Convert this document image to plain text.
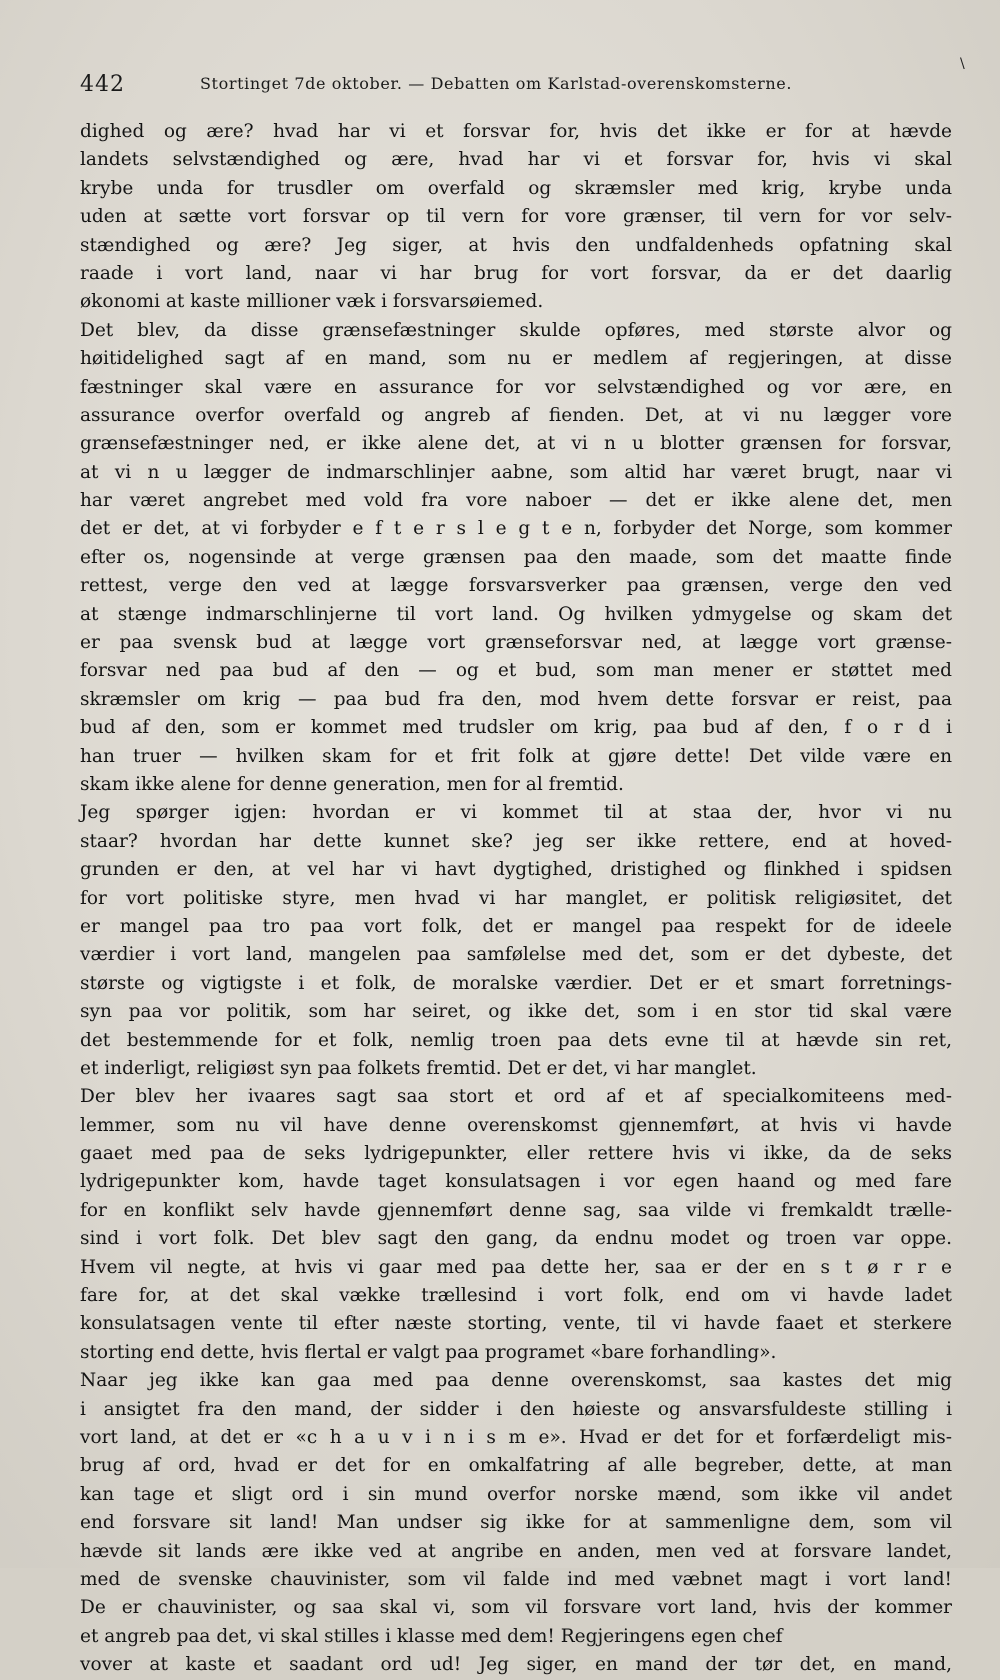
442	Stortinget 7de oktober. — Debatten om Karlstad-overenskomsterne.
\
dighed og ære? hvad har vi et forsvar for, hvis det ikke er for at hævde
landets selvstændighed og ære, hvad har vi et forsvar for, hvis vi skal
krybe unda for trusdler om overfald og skræmsler med krig, krybe unda
uden at sætte vort forsvar op til vern for vore grænser, til vern for vor selv-
stændighed og ære? Jeg siger, at hvis den undfaldenheds opfatning skal
raade i vort land, naar vi har brug for vort forsvar, da er det daarlig
økonomi at kaste millioner væk i forsvarsøiemed.
Det blev, da disse grænsefæstninger skulde opføres, med største alvor og
høitidelighed sagt af en mand, som nu er medlem af regjeringen, at disse
fæstninger skal være en assurance for vor selvstændighed og vor ære, en
assurance overfor overfald og angreb af fienden. Det, at vi nu lægger vore
grænsefæstninger ned, er ikke alene det, at vi n u blotter grænsen for forsvar,
at vi n u lægger de indmarschlinjer aabne, som altid har været brugt, naar vi
har været angrebet med vold fra vore naboer — det er ikke alene det, men
det er det, at vi forbyder e f t e r s l e g t e n, forbyder det Norge, som kommer
efter os, nogensinde at verge grænsen paa den maade, som det maatte finde
rettest, verge den ved at lægge forsvarsverker paa grænsen, verge den ved
at stænge indmarschlinjerne til vort land. Og hvilken ydmygelse og skam det
er paa svensk bud at lægge vort grænseforsvar ned, at lægge vort grænse-
forsvar ned paa bud af den — og et bud, som man mener er støttet med
skræmsler om krig — paa bud fra den, mod hvem dette forsvar er reist, paa
bud af den, som er kommet med trudsler om krig, paa bud af den, f o r d i
han truer — hvilken skam for et frit folk at gjøre dette! Det vilde være en
skam ikke alene for denne generation, men for al fremtid.
Jeg spørger igjen: hvordan er vi kommet til at staa der, hvor vi nu
staar? hvordan har dette kunnet ske? jeg ser ikke rettere, end at hoved-
grunden er den, at vel har vi havt dygtighed, dristighed og flinkhed i spidsen
for vort politiske styre, men hvad vi har manglet, er politisk religiøsitet, det
er mangel paa tro paa vort folk, det er mangel paa respekt for de ideele
værdier i vort land, mangelen paa samfølelse med det, som er det dybeste, det
største og vigtigste i et folk, de moralske værdier. Det er et smart forretnings-
syn paa vor politik, som har seiret, og ikke det, som i en stor tid skal være
det bestemmende for et folk, nemlig troen paa dets evne til at hævde sin ret,
et inderligt, religiøst syn paa folkets fremtid. Det er det, vi har manglet.
Der blev her ivaares sagt saa stort et ord af et af specialkomiteens med-
lemmer, som nu vil have denne overenskomst gjennemført, at hvis vi havde
gaaet med paa de seks lydrigepunkter, eller rettere hvis vi ikke, da de seks
lydrigepunkter kom, havde taget konsulatsagen i vor egen haand og med fare
for en konflikt selv havde gjennemført denne sag, saa vilde vi fremkaldt trælle-
sind i vort folk. Det blev sagt den gang, da endnu modet og troen var oppe.
Hvem vil negte, at hvis vi gaar med paa dette her, saa er der en s t ø r r e
fare for, at det skal vække trællesind i vort folk, end om vi havde ladet
konsulatsagen vente til efter næste storting, vente, til vi havde faaet et sterkere
storting end dette, hvis flertal er valgt paa programet «bare forhandling».
Naar jeg ikke kan gaa med paa denne overenskomst, saa kastes det mig
i ansigtet fra den mand, der sidder i den høieste og ansvarsfuldeste stilling i
vort land, at det er «c h a u v i n i s m e». Hvad er det for et forfærdeligt mis-
brug af ord, hvad er det for en omkalfatring af alle begreber, dette, at man
kan tage et sligt ord i sin mund overfor norske mænd, som ikke vil andet
end forsvare sit land! Man undser sig ikke for at sammenligne dem, som vil
hævde sit lands ære ikke ved at angribe en anden, men ved at forsvare landet,
med de svenske chauvinister, som vil falde ind med væbnet magt i vort land!
De er chauvinister, og saa skal vi, som vil forsvare vort land, hvis der kommer
et angreb paa det, vi skal stilles i klasse med dem! Regjeringens egen chef
vover at kaste et saadant ord ud! Jeg siger, en mand der tør det, en mand,
